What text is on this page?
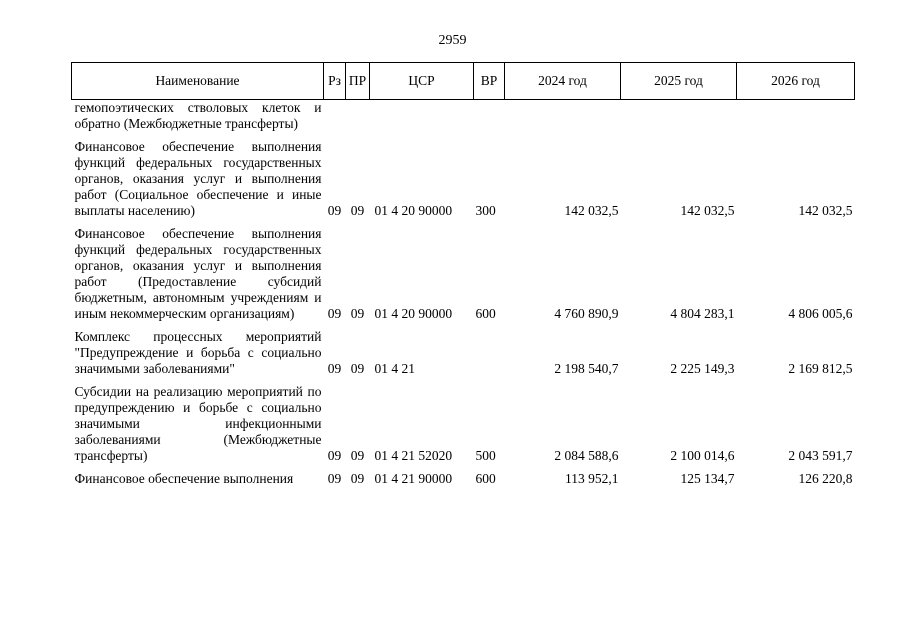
2959
Наименование	Рз	ПР	ЦСР	ВР	2024 год	2025 год	2026 год
гемопоэтических стволовых клеток и обратно (Межбюджетные трансферты)							
Финансовое обеспечение выполнения функций федеральных государственных органов, оказания услуг и выполнения работ (Социальное обеспечение и иные выплаты населению)	09	09	01 4 20 90000	300	142 032,5	142 032,5	142 032,5
Финансовое обеспечение выполнения функций федеральных государственных органов, оказания услуг и выполнения работ (Предоставление субсидий бюджетным, автономным учреждениям и иным некоммерческим организациям)	09	09	01 4 20 90000	600	4 760 890,9	4 804 283,1	4 806 005,6
Комплекс процессных мероприятий "Предупреждение и борьба с социально значимыми заболеваниями"	09	09	01 4 21		2 198 540,7	2 225 149,3	2 169 812,5
Субсидии на реализацию мероприятий по предупреждению и борьбе с социально значимыми инфекционными заболеваниями (Межбюджетные трансферты)	09	09	01 4 21 52020	500	2 084 588,6	2 100 014,6	2 043 591,7
Финансовое обеспечение выполнения	09	09	01 4 21 90000	600	113 952,1	125 134,7	126 220,8
